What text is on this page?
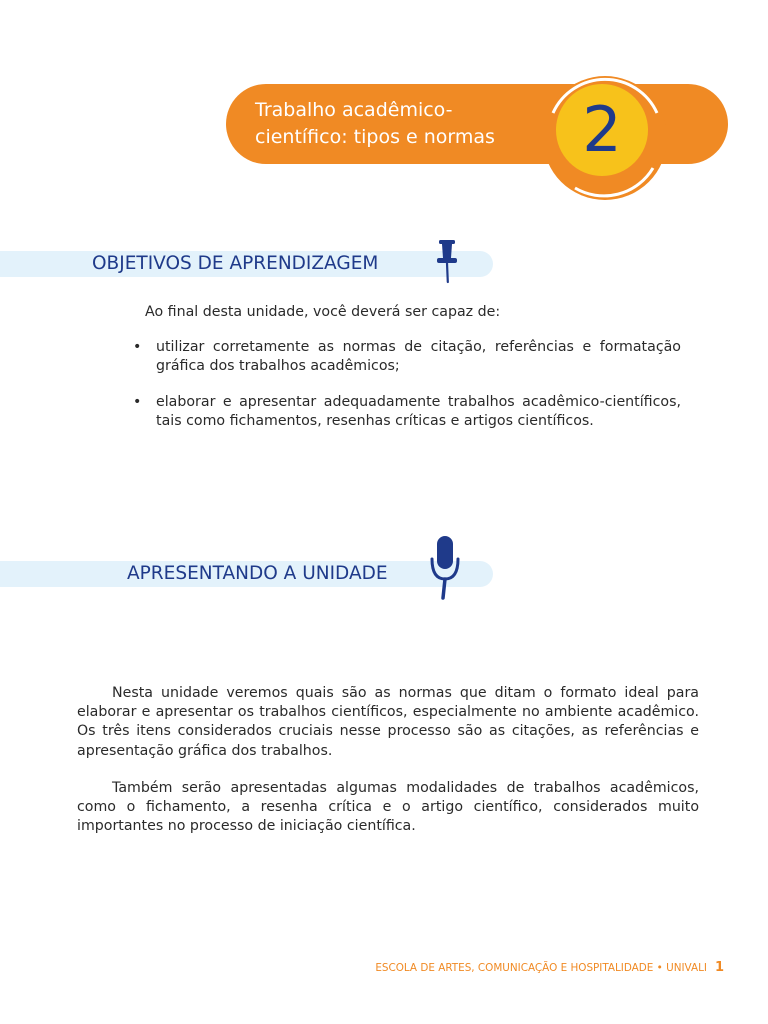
Trabalho acadêmico-
científico: tipos e normas	2
OBJETIVOS DE APRENDIZAGEM

Ao final desta unidade, você deverá ser capaz de:

• utilizar corretamente as normas de citação, referências e formatação gráfica dos trabalhos acadêmicos;
• elaborar e apresentar adequadamente trabalhos acadêmico-científicos, tais como fichamentos, resenhas críticas e artigos científicos.
APRESENTANDO A UNIDADE

Nesta unidade veremos quais são as normas que ditam o formato ideal para elaborar e apresentar os trabalhos científicos, especialmente no ambiente acadêmico. Os três itens considerados cruciais nesse processo são as citações, as referências e apresentação gráfica dos trabalhos.

Também serão apresentadas algumas modalidades de trabalhos acadêmicos, como o fichamento, a resenha crítica e o artigo científico, considerados muito importantes no processo de iniciação científica.

ESCOLA DE ARTES, COMUNICAÇÃO E HOSPITALIDADE • UNIVALI 1
